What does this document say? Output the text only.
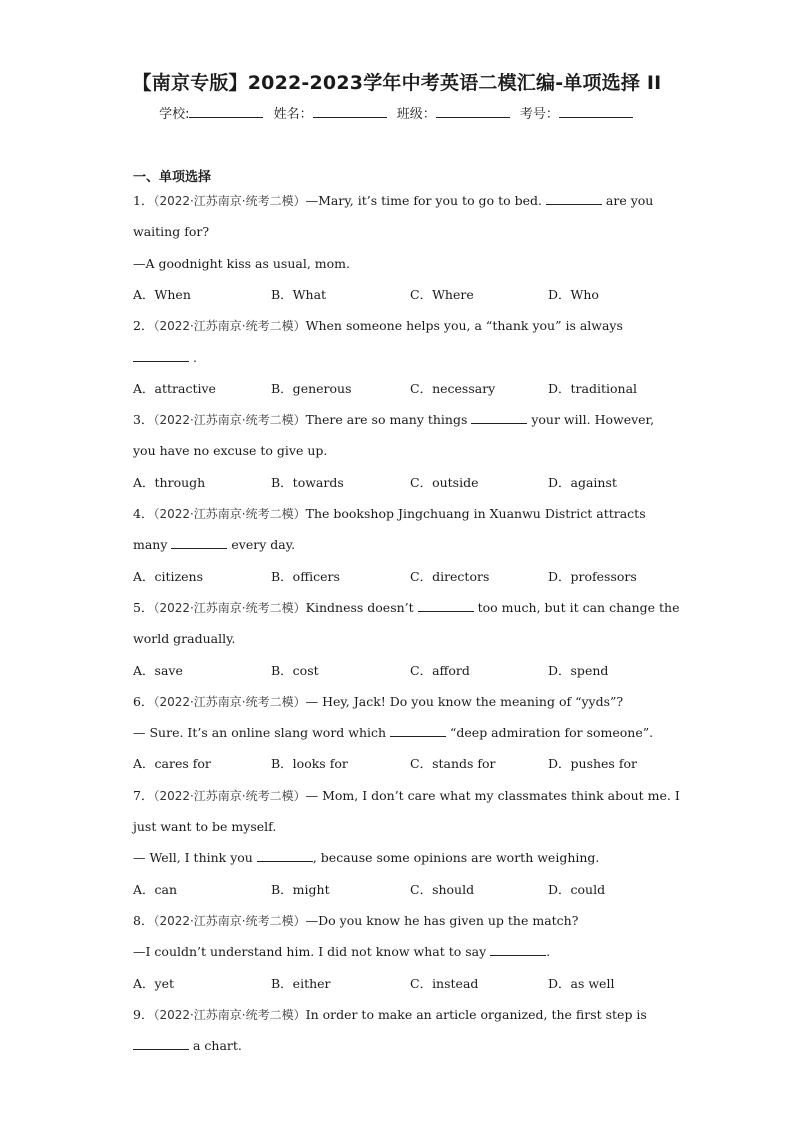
【南京专版】2022-2023学年中考英语二模汇编-单项选择 II
学校:	姓名：	班级：	考号：
一、单项选择
1．（2022·江苏南京·统考二模）—Mary, it’s time for you to go to bed.	are you
waiting for?
—A goodnight kiss as usual, mom.
A．When	B．What	C．Where	D．Who
2．（2022·江苏南京·统考二模）When someone helps you, a “thank you” is always
.
A．attractive	B．generous	C．necessary	D．traditional
3．（2022·江苏南京·统考二模）There are so many things	your will. However,
you have no excuse to give up.
A．through	B．towards	C．outside	D．against
4．（2022·江苏南京·统考二模）The bookshop Jingchuang in Xuanwu District attracts
many	every day.
A．citizens	B．officers	C．directors	D．professors
5．（2022·江苏南京·统考二模）Kindness doesn’t	too much, but it can change the
world gradually.
A．save	B．cost	C．afford	D．spend
6．（2022·江苏南京·统考二模）— Hey, Jack! Do you know the meaning of “yyds”?
— Sure. It’s an online slang word which	“deep admiration for someone”.
A．cares for	B．looks for	C．stands for	D．pushes for
7．（2022·江苏南京·统考二模）— Mom, I don’t care what my classmates think about me. I
just want to be myself.
— Well, I think you	, because some opinions are worth weighing.
A．can	B．might	C．should	D．could
8．（2022·江苏南京·统考二模）—Do you know he has given up the match?
—I couldn’t understand him. I did not know what to say	.
A．yet	B．either	C．instead	D．as well
9．（2022·江苏南京·统考二模）In order to make an article organized, the first step is
a chart.
